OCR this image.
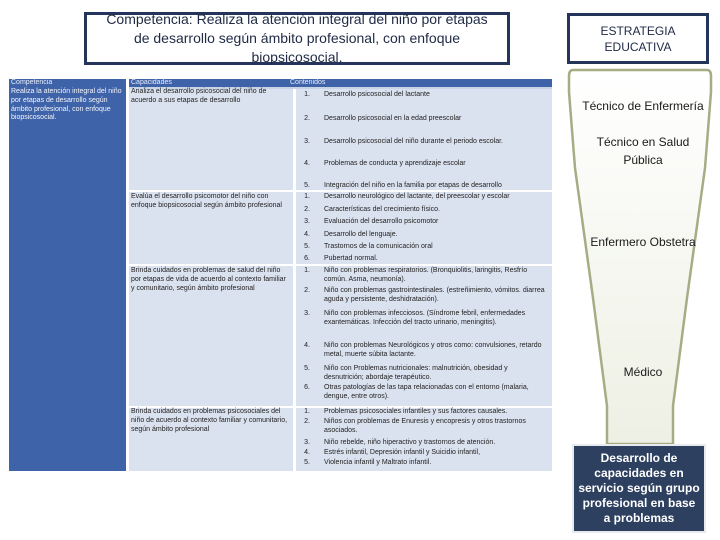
Competencia: Realiza la atención integral del niño por etapas de desarrollo según ámbito profesional, con enfoque biopsicosocial.
Competencia	Capacidades	Contenidos
Realiza la atención integral del niño por etapas de desarrollo según ámbito profesional, con enfoque biopsicosocial.
Analiza el desarrollo psicosocial del niño de acuerdo a sus etapas de desarrollo
1.	Desarrollo psicosocial del lactante
2.	Desarrollo psicosocial en la edad preescolar
3.	Desarrollo psicosocial del niño durante el periodo escolar.
4.	Problemas de conducta y aprendizaje escolar
5.	Integración del niño en la familia por etapas de desarrollo
Evalúa el desarrollo psicomotor del niño con enfoque biopsicosocial según ámbito profesional
1.	Desarrollo neurológico del lactante, del preescolar y escolar
2.	Características del crecimiento físico.
3.	Evaluación del desarrollo psicomotor
4.	Desarrollo del lenguaje.
5.	Trastornos de la comunicación oral
6.	Pubertad normal.
Brinda cuidados en problemas de salud del niño por etapas de vida de acuerdo al contexto familiar y comunitario, según ámbito profesional
1.	Niño con problemas respiratorios. (Bronquiolitis, laringitis, Resfrío común. Asma, neumonía).
2.	Niño con problemas gastrointestinales. (estreñimiento, vómitos. diarrea aguda y persistente, deshidratación).
3.	Niño con problemas infecciosos. (Síndrome febril, enfermedades exantemáticas. Infección del tracto urinario, meningitis).
4.	Niño con problemas Neurológicos y otros como: convulsiones, retardo metal, muerte súbita lactante.
5.	Niño con Problemas nutricionales: malnutrición, obesidad y desnutrición; abordaje terapéutico.
6.	Otras patologías de las tapa relacionadas con el entorno (malaria, dengue, entre otros).
Brinda cuidados en problemas psicosociales del niño de acuerdo al contexto familiar y comunitario, según ámbito profesional
1.	Problemas psicosociales infantiles y sus factores causales.
2.	Niños con problemas de Enuresis y encopresis y otros trastornos asociados.
3.	Niño rebelde, niño hiperactivo y trastornos de atención.
4.	Estrés infantil, Depresión infantil y Suicidio infantil,
5.	Violencia infantil y Maltrato infantil.
ESTRATEGIA EDUCATIVA
Técnico de Enfermería
Técnico en Salud Pública
Enfermero Obstetra
Médico
Desarrollo de capacidades en servicio según grupo profesional en base a problemas
